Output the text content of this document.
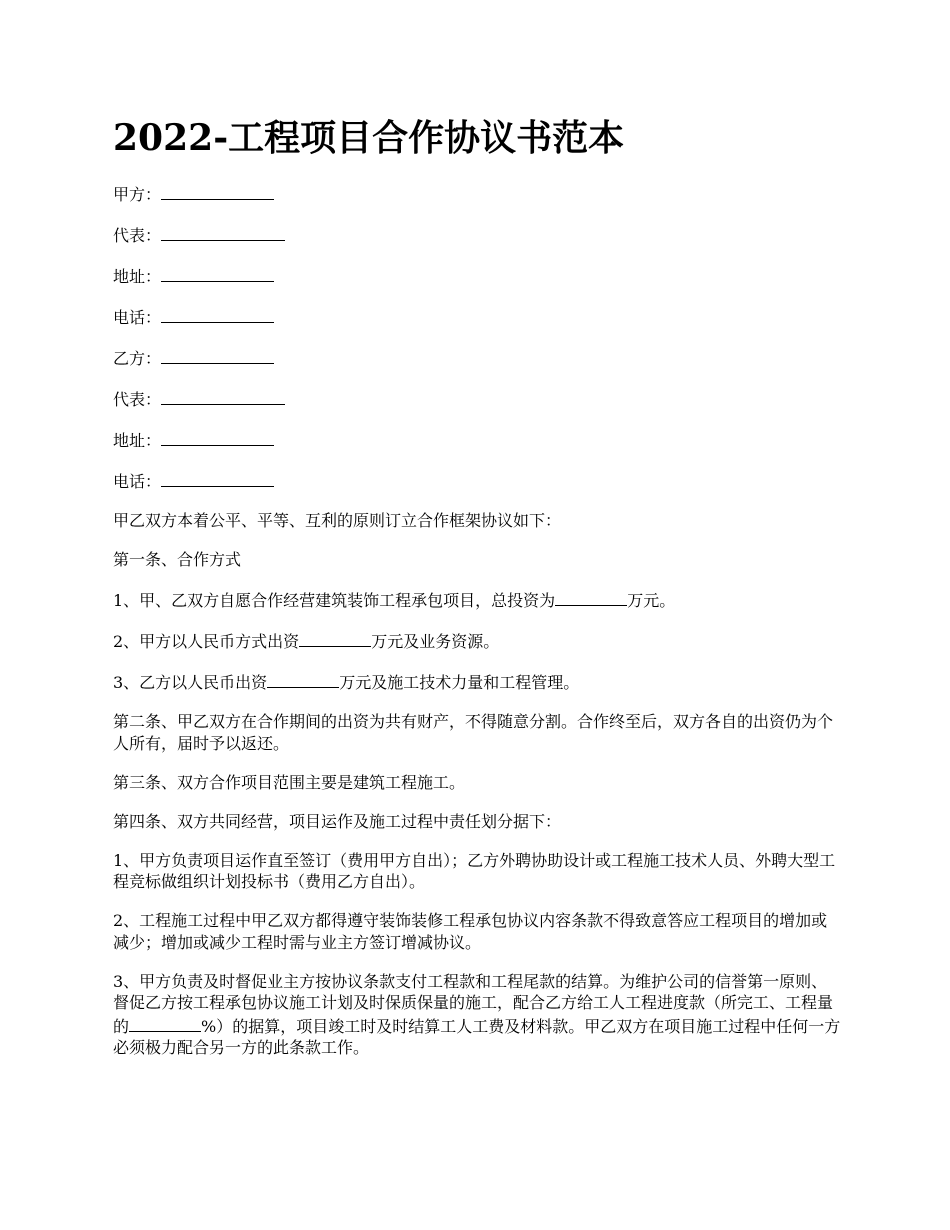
2022-工程项目合作协议书范本
甲方：
代表：
地址：
电话：
乙方：
代表：
地址：
电话：
甲乙双方本着公平、平等、互利的原则订立合作框架协议如下：
第一条、合作方式
1、甲、乙双方自愿合作经营建筑装饰工程承包项目，总投资为	万元。
2、甲方以人民币方式出资	万元及业务资源。
3、乙方以人民币出资	万元及施工技术力量和工程管理。
第二条、甲乙双方在合作期间的出资为共有财产，不得随意分割。合作终至后，双方各自的出资仍为个人所有，届时予以返还。
第三条、双方合作项目范围主要是建筑工程施工。
第四条、双方共同经营，项目运作及施工过程中责任划分据下：
1、甲方负责项目运作直至签订（费用甲方自出）；乙方外聘协助设计或工程施工技术人员、外聘大型工程竞标做组织计划投标书（费用乙方自出）。
2、工程施工过程中甲乙双方都得遵守装饰装修工程承包协议内容条款不得致意答应工程项目的增加或减少；增加或减少工程时需与业主方签订增减协议。
3、甲方负责及时督促业主方按协议条款支付工程款和工程尾款的结算。为维护公司的信誉第一原则、督促乙方按工程承包协议施工计划及时保质保量的施工，配合乙方给工人工程进度款（所完工、工程量的	%）的据算，项目竣工时及时结算工人工费及材料款。甲乙双方在项目施工过程中任何一方必须极力配合另一方的此条款工作。
